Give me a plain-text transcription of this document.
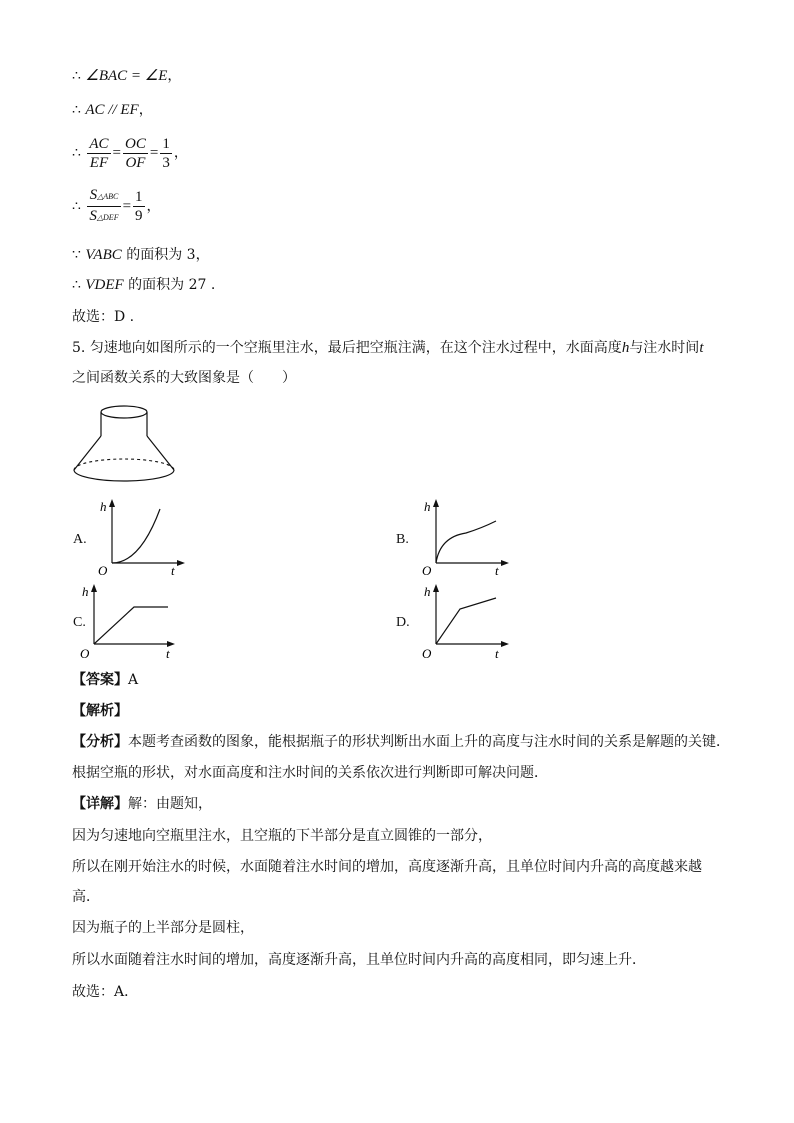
∴ ∠BAC = ∠E，
∴ AC // EF，
∴ $\frac{AC}{EF} = \frac{OC}{OF} = \frac{1}{3}$ ，
∴ $\frac{\text{S△ABC}}{\text{S△DEF}} = \frac{1}{9}$ ，
∵ VABC 的面积为 3，
∴ VDEF 的面积为 27 .
故选：D .
5. 匀速地向如图所示的一个空瓶里注水，最后把空瓶注满，在这个注水过程中，水面高度h与注水时间t
之间函数关系的大致图象是（　　）
A.
h
t
O
B.
h
t
O
C.
h
t
O
D.
h
t
O
【答案】A
【解析】
【分析】本题考查函数的图象，能根据瓶子的形状判断出水面上升的高度与注水时间的关系是解题的关键．
根据空瓶的形状，对水面高度和注水时间的关系依次进行判断即可解决问题．
【详解】解：由题知，
因为匀速地向空瓶里注水，且空瓶的下半部分是直立圆锥的一部分，
所以在刚开始注水的时候，水面随着注水时间的增加，高度逐渐升高，且单位时间内升高的高度越来越
高．
因为瓶子的上半部分是圆柱，
所以水面随着注水时间的增加，高度逐渐升高，且单位时间内升高的高度相同，即匀速上升．
故选：A．
